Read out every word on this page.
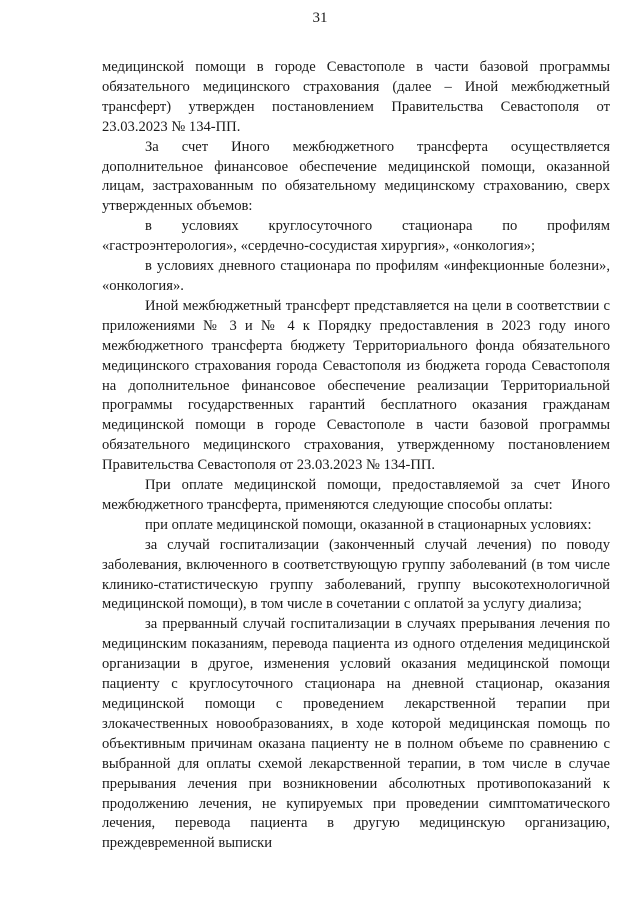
31

медицинской помощи в городе Севастополе в части базовой программы обязательного медицинского страхования (далее – Иной межбюджетный трансферт) утвержден постановлением Правительства Севастополя от 23.03.2023 № 134-ПП.

За счет Иного межбюджетного трансферта осуществляется дополнительное финансовое обеспечение медицинской помощи, оказанной лицам, застрахованным по обязательному медицинскому страхованию, сверх утвержденных объемов:

в условиях круглосуточного стационара по профилям «гастроэнтерология», «сердечно-сосудистая хирургия», «онкология»;

в условиях дневного стационара по профилям «инфекционные болезни», «онкология».

Иной межбюджетный трансферт представляется на цели в соответствии с приложениями № 3 и № 4 к Порядку предоставления в 2023 году иного межбюджетного трансферта бюджету Территориального фонда обязательного медицинского страхования города Севастополя из бюджета города Севастополя на дополнительное финансовое обеспечение реализации Территориальной программы государственных гарантий бесплатного оказания гражданам медицинской помощи в городе Севастополе в части базовой программы обязательного медицинского страхования, утвержденному постановлением Правительства Севастополя от 23.03.2023 № 134-ПП.

При оплате медицинской помощи, предоставляемой за счет Иного межбюджетного трансферта, применяются следующие способы оплаты:

при оплате медицинской помощи, оказанной в стационарных условиях:

за случай госпитализации (законченный случай лечения) по поводу заболевания, включенного в соответствующую группу заболеваний (в том числе клинико-статистическую группу заболеваний, группу высокотехнологичной медицинской помощи), в том числе в сочетании с оплатой за услугу диализа;

за прерванный случай госпитализации в случаях прерывания лечения по медицинским показаниям, перевода пациента из одного отделения медицинской организации в другое, изменения условий оказания медицинской помощи пациенту с круглосуточного стационара на дневной стационар, оказания медицинской помощи с проведением лекарственной терапии при злокачественных новообразованиях, в ходе которой медицинская помощь по объективным причинам оказана пациенту не в полном объеме по сравнению с выбранной для оплаты схемой лекарственной терапии, в том числе в случае прерывания лечения при возникновении абсолютных противопоказаний к продолжению лечения, не купируемых при проведении симптоматического лечения, перевода пациента в другую медицинскую организацию, преждевременной выписки
